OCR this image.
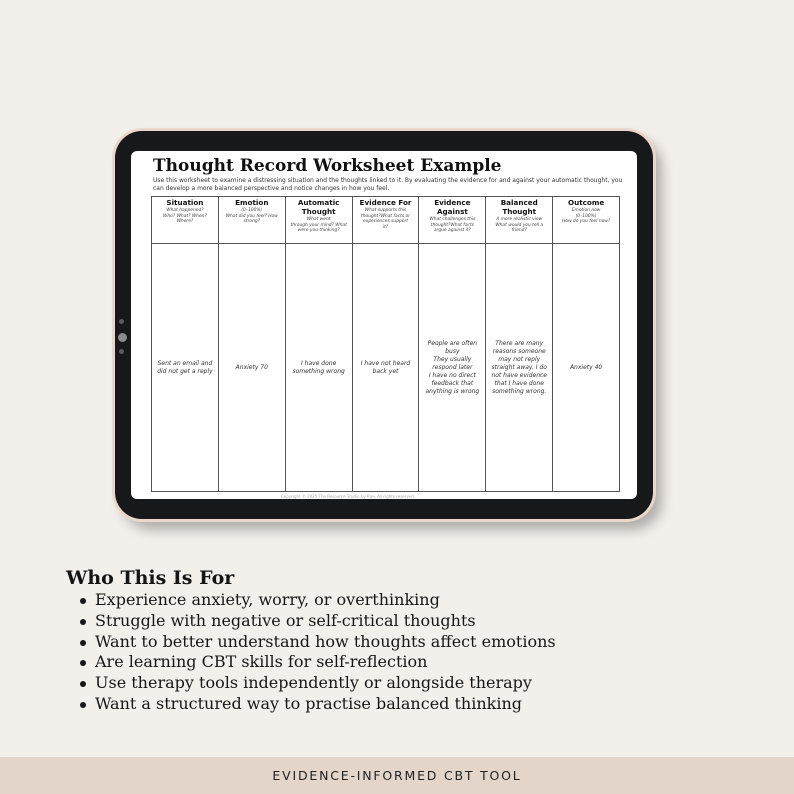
Thought Record Worksheet Example
Use this worksheet to examine a distressing situation and the thoughts linked to it. By evaluating the evidence for and against your automatic thought, you can develop a more balanced perspective and notice changes in how you feel.
Situation
What happened?
Who? What? When?
Where?
Sent an email and
did not get a reply
Emotion
(0–100%)
What did you feel? How
strong?
Anxiety 70
Automatic
Thought
What went
through your mind? What
were you thinking?
I have done
something wrong
Evidence For
What supports this
thought?What facts or
experiences support
it?
I have not heard
back yet
Evidence
Against
What challenges this
thought?What facts
argue against it?
People are often
busy
They usually
respond later
I have no direct
feedback that
anything is wrong
Balanced
Thought
A more realistic view
What would you tell a
friend?
There are many
reasons someone
may not reply
straight away. I do
not have evidence
that I have done
something wrong.
Outcome
Emotion now
(0–100%)
How do you feel now?
Anxiety 40
Copyright © 2025 The Resource Studio by Rae. All rights reserved.
Who This Is For
Experience anxiety, worry, or overthinking
Struggle with negative or self-critical thoughts
Want to better understand how thoughts affect emotions
Are learning CBT skills for self-reflection
Use therapy tools independently or alongside therapy
Want a structured way to practise balanced thinking
EVIDENCE-INFORMED CBT TOOL
